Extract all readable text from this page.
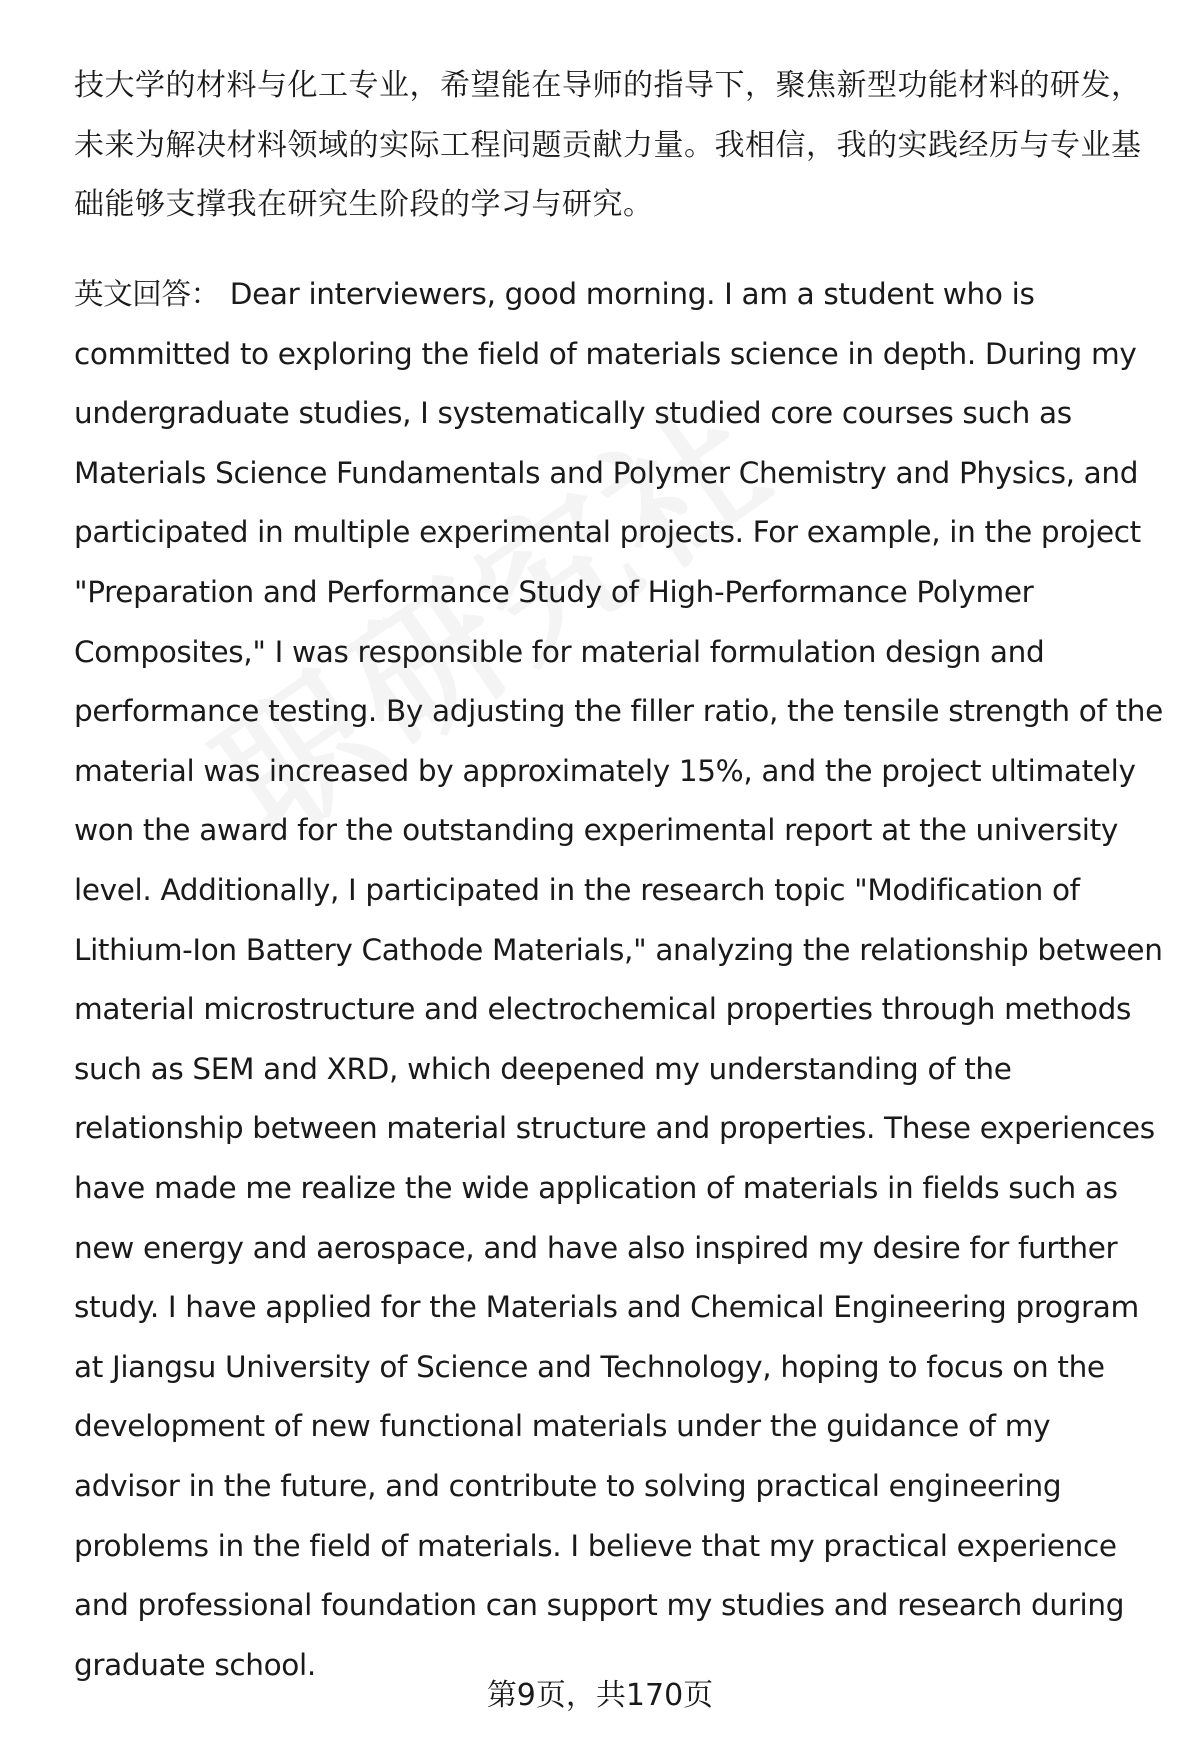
技大学的材料与化工专业，希望能在导师的指导下，聚焦新型功能材料的研发，未来为解决材料领域的实际工程问题贡献力量。我相信，我的实践经历与专业基础能够支撑我在研究生阶段的学习与研究。

英文回答： Dear interviewers, good morning. I am a student who is committed to exploring the field of materials science in depth. During my undergraduate studies, I systematically studied core courses such as Materials Science Fundamentals and Polymer Chemistry and Physics, and participated in multiple experimental projects. For example, in the project "Preparation and Performance Study of High-Performance Polymer Composites," I was responsible for material formulation design and performance testing. By adjusting the filler ratio, the tensile strength of the material was increased by approximately 15%, and the project ultimately won the award for the outstanding experimental report at the university level. Additionally, I participated in the research topic "Modification of Lithium-Ion Battery Cathode Materials," analyzing the relationship between material microstructure and electrochemical properties through methods such as SEM and XRD, which deepened my understanding of the relationship between material structure and properties. These experiences have made me realize the wide application of materials in fields such as new energy and aerospace, and have also inspired my desire for further study. I have applied for the Materials and Chemical Engineering program at Jiangsu University of Science and Technology, hoping to focus on the development of new functional materials under the guidance of my advisor in the future, and contribute to solving practical engineering problems in the field of materials. I believe that my practical experience and professional foundation can support my studies and research during graduate school.

第9页，共170页
